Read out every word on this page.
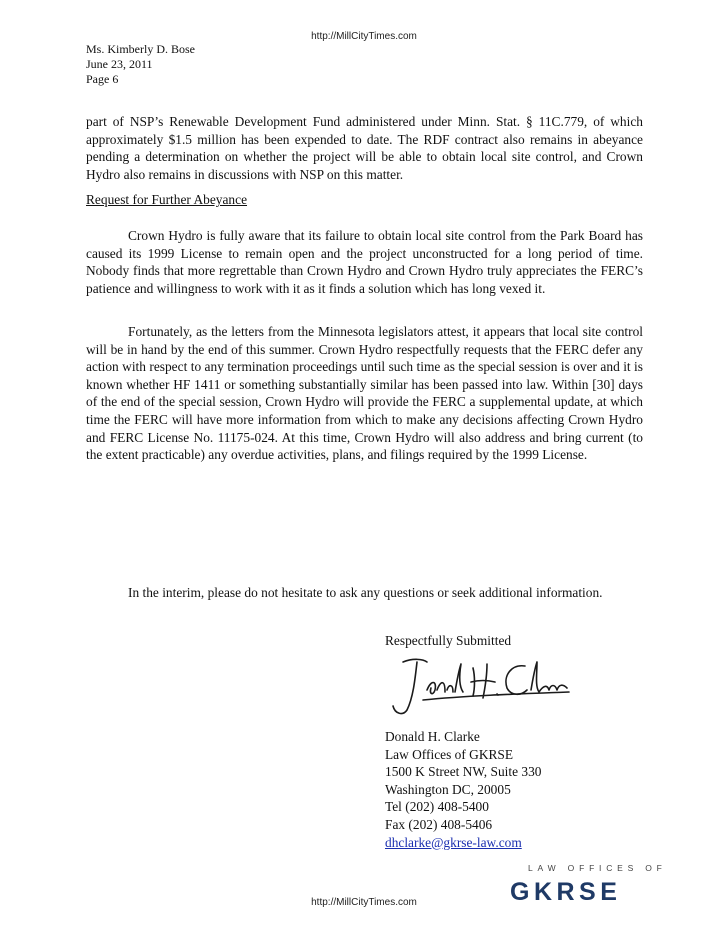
http://MillCityTimes.com
Ms. Kimberly D. Bose
June 23, 2011
Page 6
part of NSP’s Renewable Development Fund administered under Minn. Stat. § 11C.779, of which approximately $1.5 million has been expended to date. The RDF contract also remains in abeyance pending a determination on whether the project will be able to obtain local site control, and Crown Hydro also remains in discussions with NSP on this matter.
Request for Further Abeyance
Crown Hydro is fully aware that its failure to obtain local site control from the Park Board has caused its 1999 License to remain open and the project unconstructed for a long period of time. Nobody finds that more regrettable than Crown Hydro and Crown Hydro truly appreciates the FERC’s patience and willingness to work with it as it finds a solution which has long vexed it.
Fortunately, as the letters from the Minnesota legislators attest, it appears that local site control will be in hand by the end of this summer. Crown Hydro respectfully requests that the FERC defer any action with respect to any termination proceedings until such time as the special session is over and it is known whether HF 1411 or something substantially similar has been passed into law. Within [30] days of the end of the special session, Crown Hydro will provide the FERC a supplemental update, at which time the FERC will have more information from which to make any decisions affecting Crown Hydro and FERC License No. 11175-024. At this time, Crown Hydro will also address and bring current (to the extent practicable) any overdue activities, plans, and filings required by the 1999 License.
In the interim, please do not hesitate to ask any questions or seek additional information.
Respectfully Submitted
Donald H. Clarke
Law Offices of GKRSE
1500 K Street NW, Suite 330
Washington DC, 20005
Tel (202) 408-5400
Fax (202) 408-5406
dhclarke@gkrse-law.com
LAW OFFICES OF
GKRSE
http://MillCityTimes.com
